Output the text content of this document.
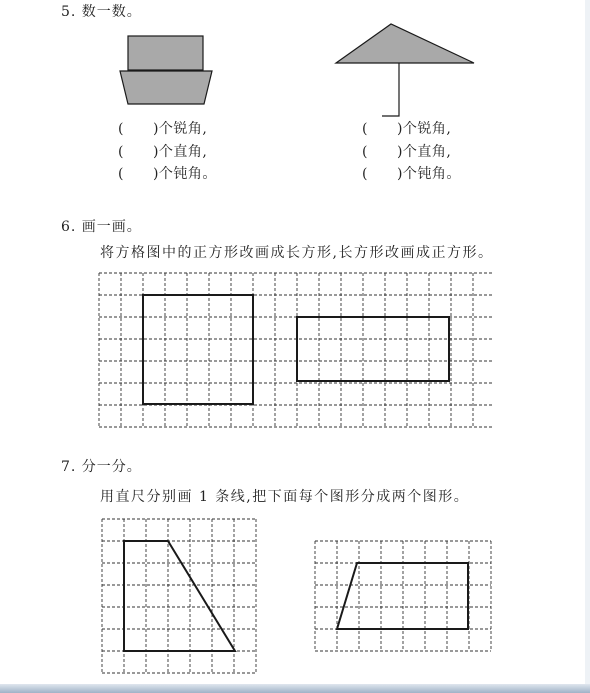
5. 数一数。
(　　)个锐角,
(　　)个直角,
(　　)个钝角。
(　　)个锐角,
(　　)个直角,
(　　)个钝角。
6. 画一画。
将方格图中的正方形改画成长方形,长方形改画成正方形。
7. 分一分。
用直尺分别画 1 条线,把下面每个图形分成两个图形。
